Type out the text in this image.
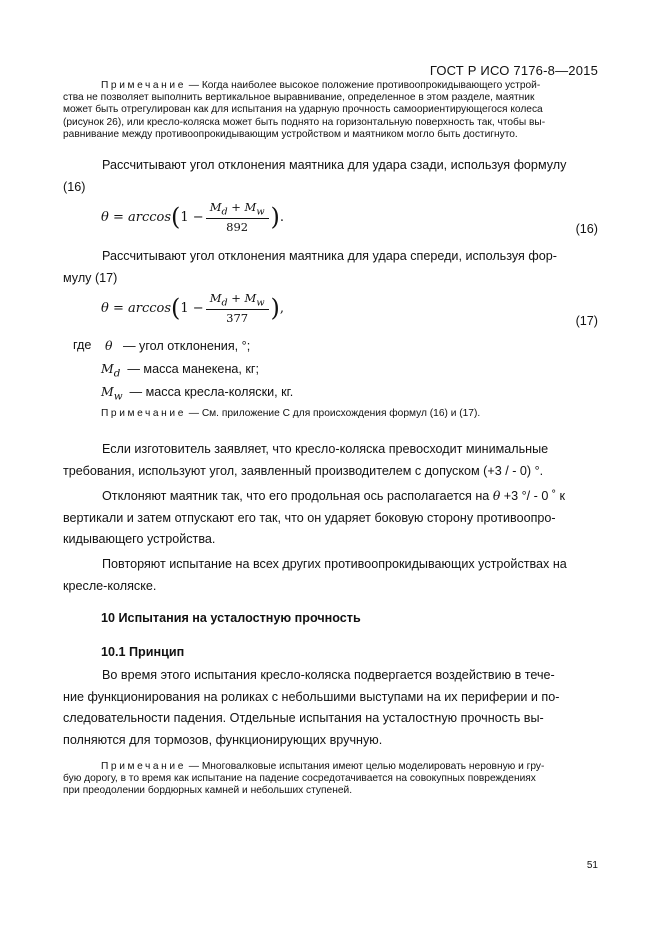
ГОСТ Р ИСО 7176-8—2015
Примечание — Когда наиболее высокое положение противоопрокидывающего устрой-
ства не позволяет выполнить вертикальное выравнивание, определенное в этом разделе, маятник
может быть отрегулирован как для испытания на ударную прочность самоориентирующегося колеса
(рисунок 26), или кресло-коляска может быть поднято на горизонтальную поверхность так, чтобы вы-
равнивание между противоопрокидывающим устройством и маятником могло быть достигнуто.
Рассчитывают угол отклонения маятника для удара сзади, используя формулу
(16)
θ = arccos ( $1 - \frac{M_d + M_w}{892}$ ) .
(16)
Рассчитывают угол отклонения маятника для удара спереди, используя фор-
мулу (17)
θ = arccos ( $1 - \frac{M_d + M_w}{377}$ ) ,
(17)
где θ — угол отклонения, °;
$M_d$ — масса манекена, кг;
$M_w$ — масса кресла-коляски, кг.
Примечание — См. приложение С для происхождения формул (16) и (17).
Если изготовитель заявляет, что кресло-коляска превосходит минимальные
требования, используют угол, заявленный производителем с допуском (+3 / - 0) °.
Отклоняют маятник так, что его продольная ось располагается на θ +3 °/ - 0 ˚ к
вертикали и затем отпускают его так, что он ударяет боковую сторону противоопро-
кидывающего устройства.
Повторяют испытание на всех других противоопрокидывающих устройствах на
кресле-коляске.
10 Испытания на усталостную прочность
10.1 Принцип
Во время этого испытания кресло-коляска подвергается воздействию в тече-
ние функционирования на роликах с небольшими выступами на их периферии и по-
следовательности падения. Отдельные испытания на усталостную прочность вы-
полняются для тормозов, функционирующих вручную.
Примечание — Многовалковые испытания имеют целью моделировать неровную и гру-
бую дорогу, в то время как испытание на падение сосредотачивается на совокупных повреждениях
при преодолении бордюрных камней и небольших ступеней.
51
